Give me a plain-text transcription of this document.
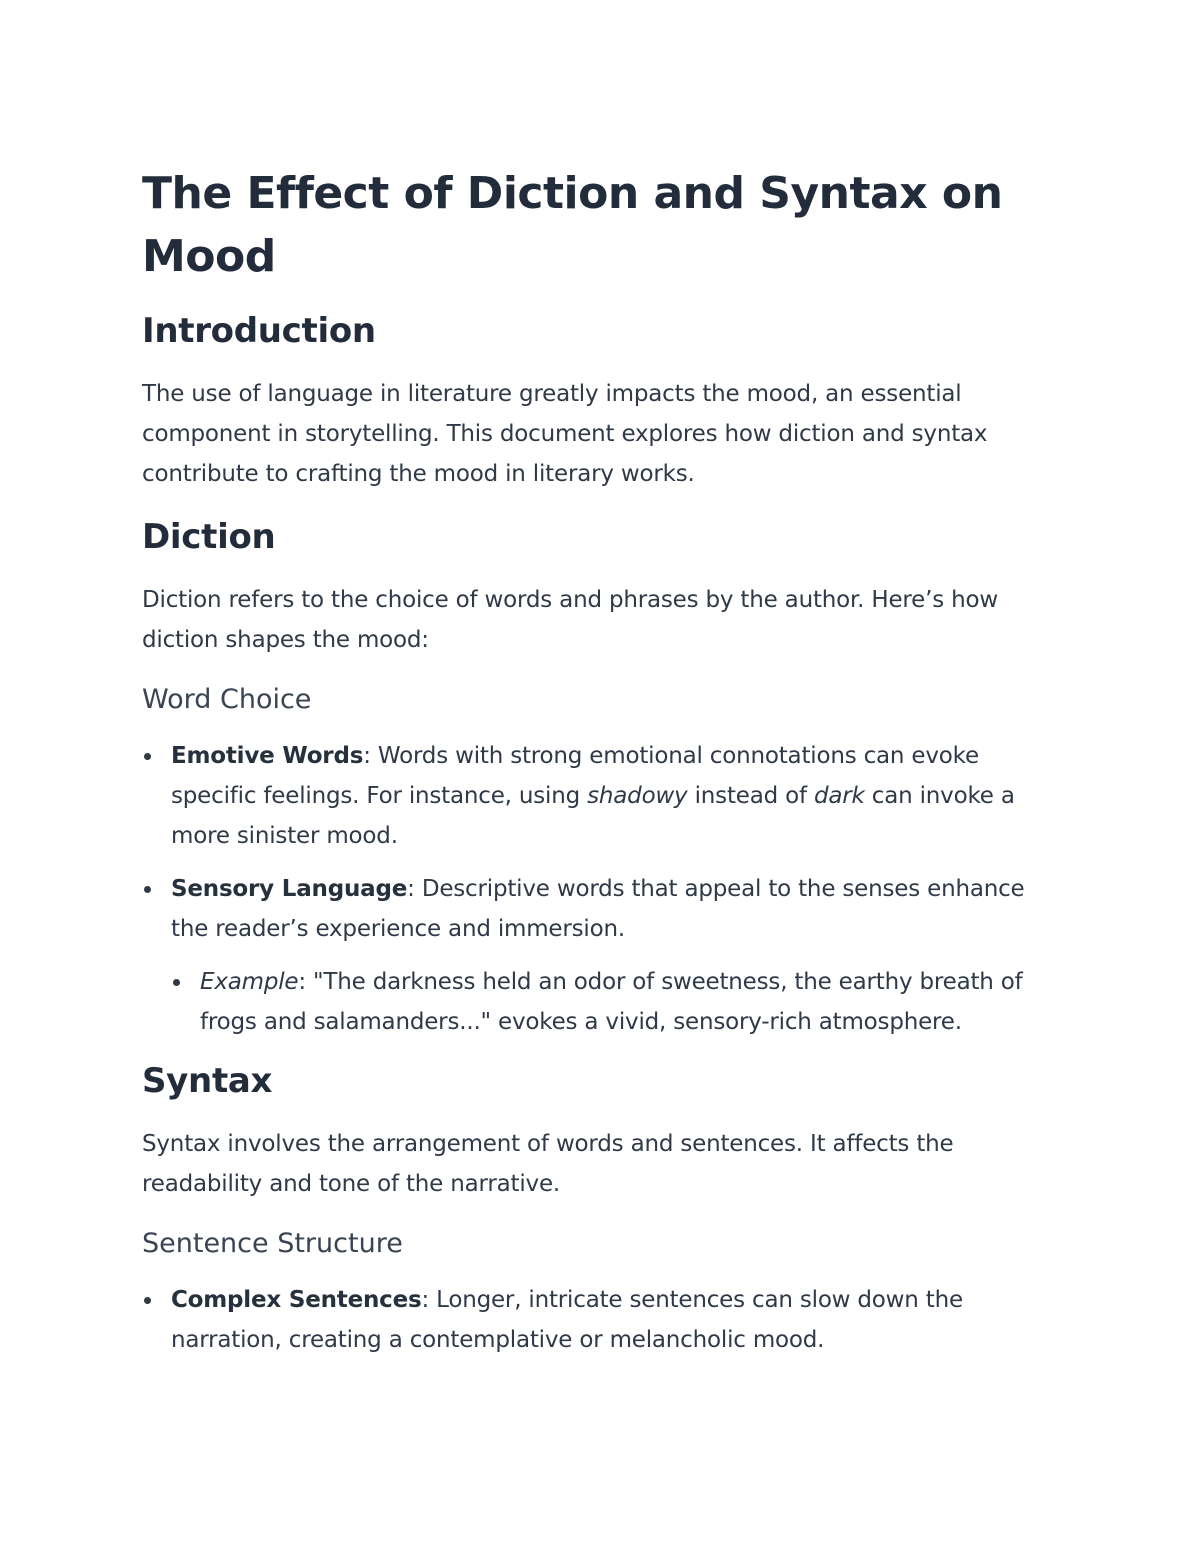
The Effect of Diction and Syntax on Mood
Introduction

The use of language in literature greatly impacts the mood, an essential component in storytelling. This document explores how diction and syntax contribute to crafting the mood in literary works.

Diction

Diction refers to the choice of words and phrases by the author. Here’s how diction shapes the mood:

Word Choice
Emotive Words: Words with strong emotional connotations can evoke specific feelings. For instance, using shadowy instead of dark can invoke a more sinister mood.
Sensory Language: Descriptive words that appeal to the senses enhance the reader’s experience and immersion.
Example: "The darkness held an odor of sweetness, the earthy breath of frogs and salamanders..." evokes a vivid, sensory-rich atmosphere.
Syntax

Syntax involves the arrangement of words and sentences. It affects the readability and tone of the narrative.

Sentence Structure
Complex Sentences: Longer, intricate sentences can slow down the narration, creating a contemplative or melancholic mood.
